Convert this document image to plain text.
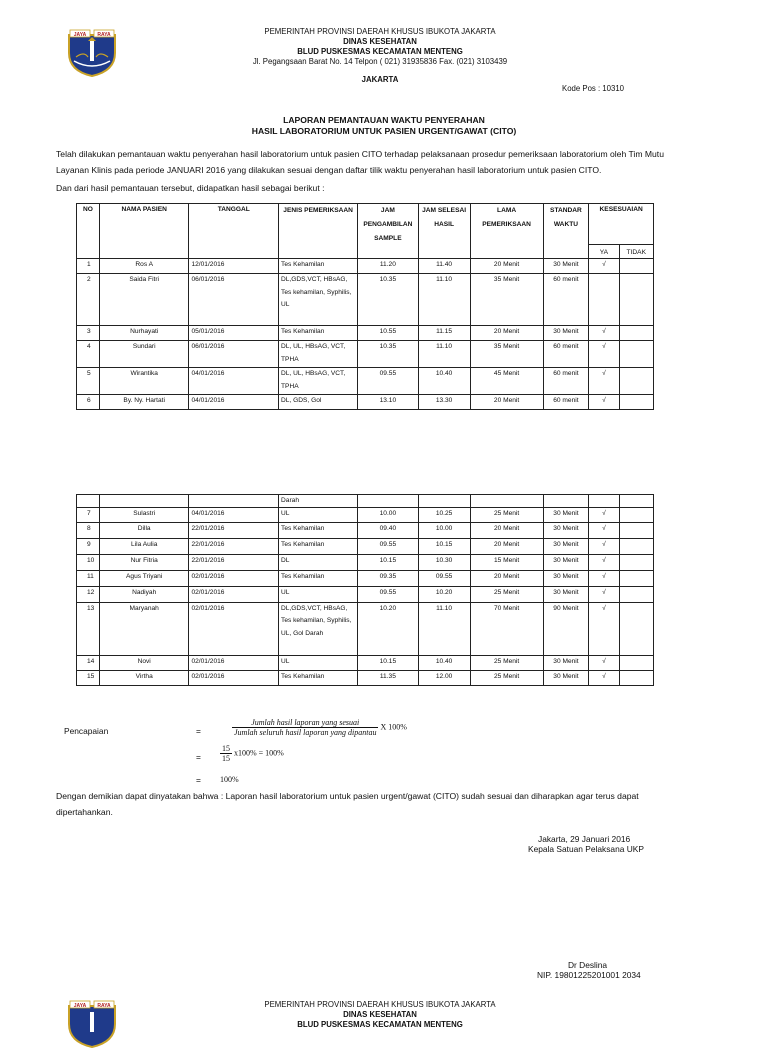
JAYA RAYA	PEMERINTAH PROVINSI DAERAH KHUSUS IBUKOTA JAKARTA
DINAS KESEHATAN
BLUD PUSKESMAS KECAMATAN MENTENG
Jl. Pegangsaan Barat No. 14 Telpon ( 021) 31935836 Fax. (021) 3103439
JAKARTA
Kode Pos : 10310
LAPORAN PEMANTAUAN WAKTU PENYERAHAN
HASIL LABORATORIUM UNTUK PASIEN URGENT/GAWAT (CITO)
Telah dilakukan pemantauan waktu penyerahan hasil laboratorium untuk pasien CITO terhadap pelaksanaan prosedur pemeriksaan laboratorium oleh Tim Mutu
Layanan Klinis pada periode JANUARI 2016 yang dilakukan sesuai dengan daftar tilik waktu penyerahan hasil laboratorium untuk pasien CITO.
Dan dari hasil pemantauan tersebut, didapatkan hasil sebagai berikut :
NO	NAMA PASIEN	TANGGAL	JENIS PEMERIKSAAN	JAM PENGAMBILAN SAMPLE	JAM SELESAI HASIL	LAMA PEMERIKSAAN	STANDAR WAKTU	KESESUAIAN	
								YA	TIDAK
1	Ros A	12/01/2016	Tes Kehamilan	11.20	11.40	20 Menit	30 Menit	√	
2	Saida Fitri	06/01/2016	DL,GDS,VCT, HBsAG, Tes kehamilan, Syphilis, UL	10.35	11.10	35 Menit	60 menit		
3	Nurhayati	05/01/2016	Tes Kehamilan	10.55	11.15	20 Menit	30 Menit	√	
4	Sundari	06/01/2016	DL, UL, HBsAG, VCT, TPHA	10.35	11.10	35 Menit	60 menit	√	
5	Wirantika	04/01/2016	DL, UL, HBsAG, VCT, TPHA	09.55	10.40	45 Menit	60 menit	√	
6	By. Ny. Hartati	04/01/2016	DL, GDS, Gol	13.10	13.30	20 Menit	60 menit	√	
			Darah						
7	Sulastri	04/01/2016	UL	10.00	10.25	25 Menit	30 Menit	√	
8	Dilla	22/01/2016	Tes Kehamilan	09.40	10.00	20 Menit	30 Menit	√	
9	Lila Aulia	22/01/2016	Tes Kehamilan	09.55	10.15	20 Menit	30 Menit	√	
10	Nur Fitria	22/01/2016	DL	10.15	10.30	15 Menit	30 Menit	√	
11	Agus Triyani	02/01/2016	Tes Kehamilan	09.35	09.55	20 Menit	30 Menit	√	
12	Nadiyah	02/01/2016	UL	09.55	10.20	25 Menit	30 Menit	√	
13	Maryanah	02/01/2016	DL,GDS,VCT, HBsAG, Tes kehamilan, Syphilis, UL, Gol Darah	10.20	11.10	70 Menit	90 Menit	√	
14	Novi	02/01/2016	UL	10.15	10.40	25 Menit	30 Menit	√	
15	Virtha	02/01/2016	Tes Kehamilan	11.35	12.00	25 Menit	30 Menit	√	
Pencapaian	=	$\frac{\text{Jumlah hasil laporan yang sesuai}}{\text{Jumlah seluruh hasil laporan yang dipantau}}$ X 100%
= $\frac{15}{15} x100\% = 100\%$
= 100%
Dengan demikian dapat dinyatakan bahwa : Laporan hasil laboratorium untuk pasien urgent/gawat (CITO) sudah sesuai dan diharapkan agar terus dapat
dipertahankan.
Jakarta, 29 Januari 2016
Kepala Satuan Pelaksana UKP
Dr Deslina
NIP. 19801225201001 2034
JAYA RAYA	PEMERINTAH PROVINSI DAERAH KHUSUS IBUKOTA JAKARTA
DINAS KESEHATAN
BLUD PUSKESMAS KECAMATAN MENTENG
